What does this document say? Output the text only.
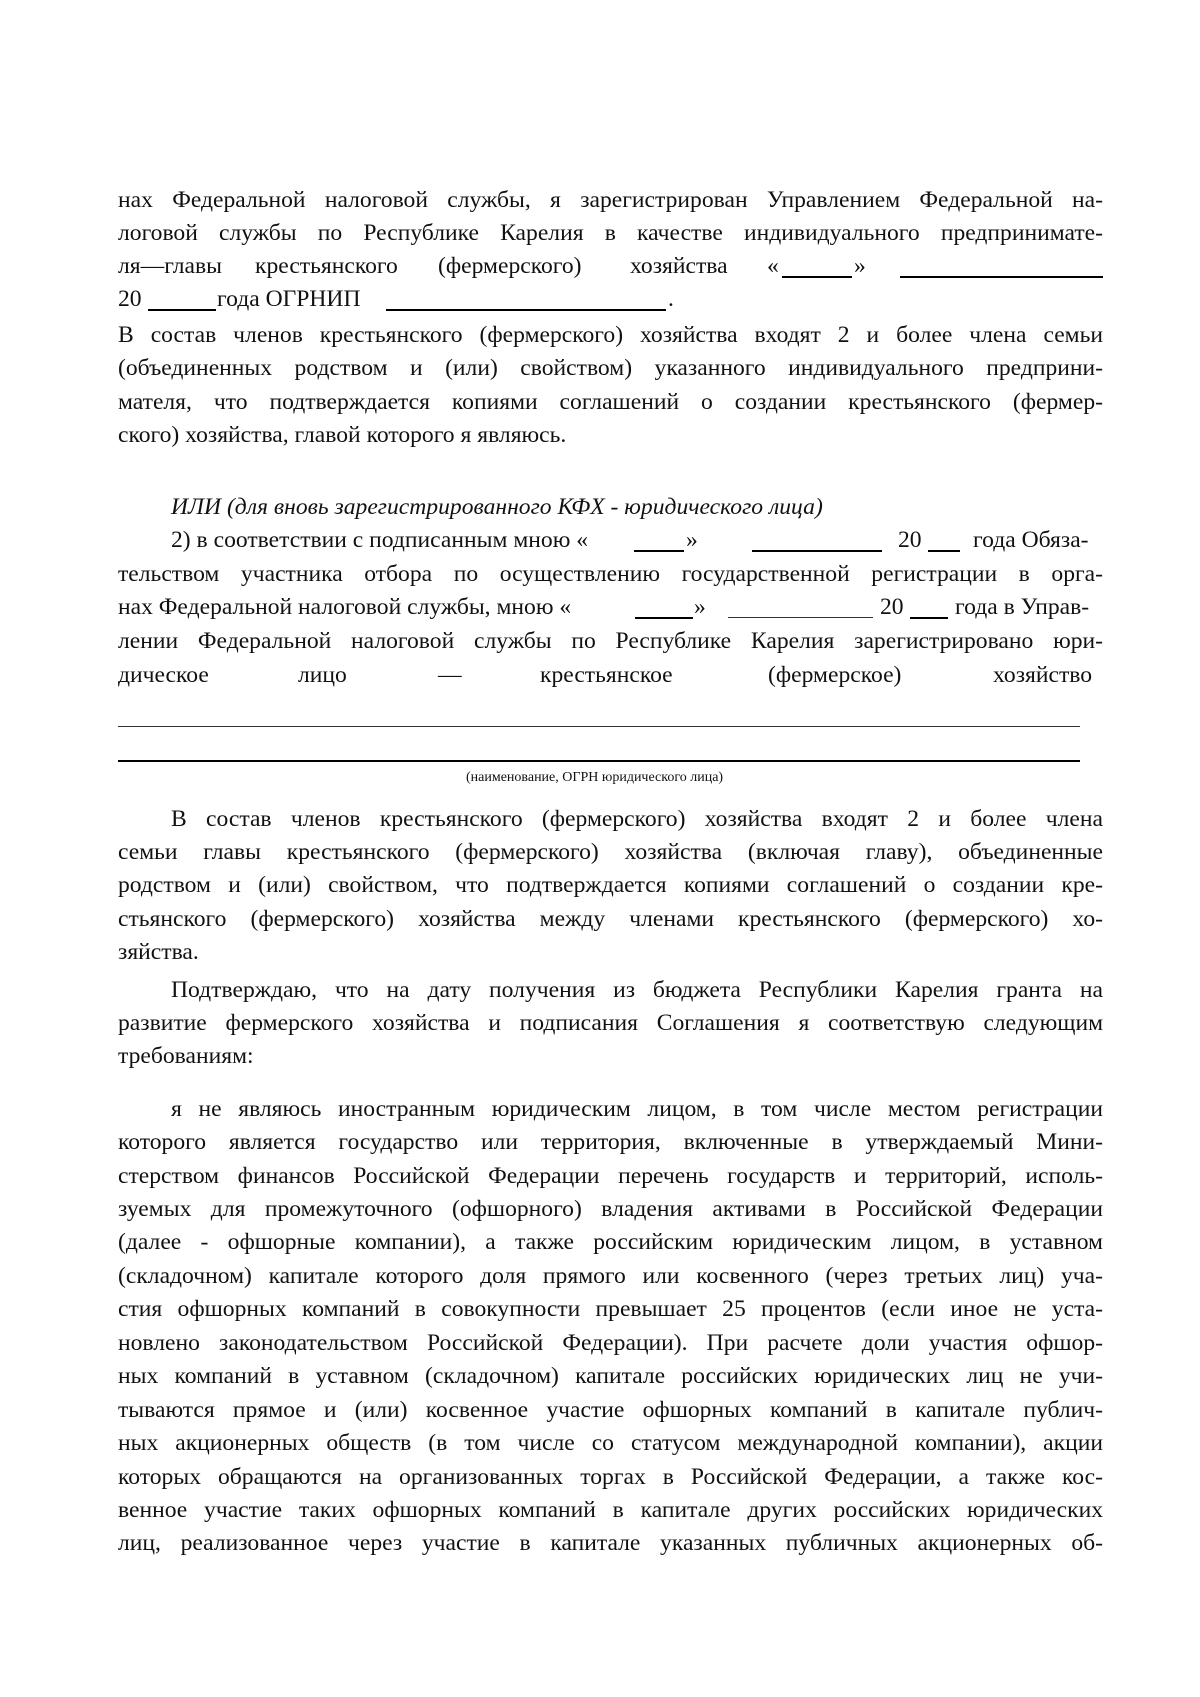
нах Федеральной налоговой службы, я зарегистрирован Управлением Федеральной на-
логовой службы по Республике Карелия в качестве индивидуального предпринимате-
ля—главы крестьянского (фермерского) хозяйства «	»
20	года ОГРНИП	.
В состав членов крестьянского (фермерского) хозяйства входят 2 и более члена семьи
(объединенных родством и (или) свойством) указанного индивидуального предприни-
мателя, что подтверждается копиями соглашений о создании крестьянского (фермер-
ского) хозяйства, главой которого я являюсь.
ИЛИ (для вновь зарегистрированного КФХ - юридического лица)
2) в соответствии с подписанным мною «	»	20 года Обяза-
тельством участника отбора по осуществлению государственной регистрации в орга-
нах Федеральной налоговой службы, мною «	»	20 года в Управ-
лении Федеральной налоговой службы по Республике Карелия зарегистрировано юри-
дическое	лицо	—	крестьянское	(фермерское)	хозяйство
(наименование, ОГРН юридического лица)
В состав членов крестьянского (фермерского) хозяйства входят 2 и более члена
семьи главы крестьянского (фермерского) хозяйства (включая главу), объединенные
родством и (или) свойством, что подтверждается копиями соглашений о создании кре-
стьянского (фермерского) хозяйства между членами крестьянского (фермерского) хо-
зяйства.
Подтверждаю, что на дату получения из бюджета Республики Карелия гранта на
развитие фермерского хозяйства и подписания Соглашения я соответствую следующим
требованиям:
я не являюсь иностранным юридическим лицом, в том числе местом регистрации
которого является государство или территория, включенные в утверждаемый Мини-
стерством финансов Российской Федерации перечень государств и территорий, исполь-
зуемых для промежуточного (офшорного) владения активами в Российской Федерации
(далее - офшорные компании), а также российским юридическим лицом, в уставном
(складочном) капитале которого доля прямого или косвенного (через третьих лиц) уча-
стия офшорных компаний в совокупности превышает 25 процентов (если иное не уста-
новлено законодательством Российской Федерации). При расчете доли участия офшор-
ных компаний в уставном (складочном) капитале российских юридических лиц не учи-
тываются прямое и (или) косвенное участие офшорных компаний в капитале публич-
ных акционерных обществ (в том числе со статусом международной компании), акции
которых обращаются на организованных торгах в Российской Федерации, а также кос-
венное участие таких офшорных компаний в капитале других российских юридических
лиц, реализованное через участие в капитале указанных публичных акционерных об-
